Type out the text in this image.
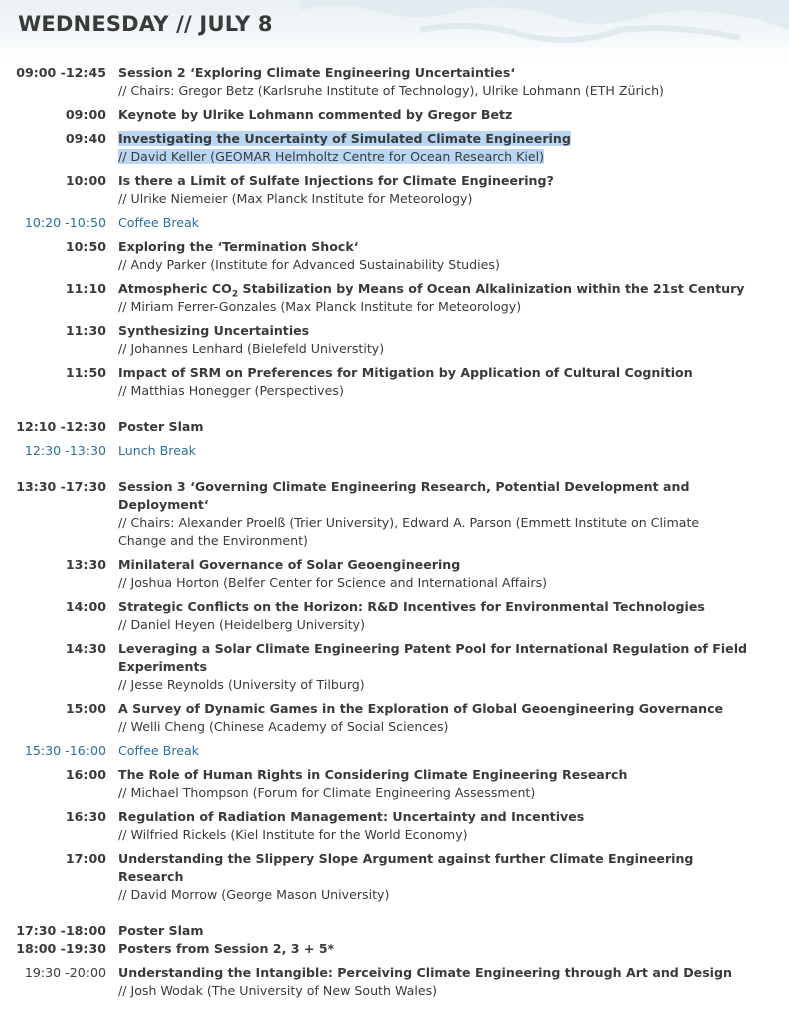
WEDNESDAY // JULY 8
09:00 -12:45 Session 2 ‘Exploring Climate Engineering Uncertainties‘
// Chairs: Gregor Betz (Karlsruhe Institute of Technology), Ulrike Lohmann (ETH Zürich)
09:00 Keynote by Ulrike Lohmann commented by Gregor Betz
09:40 Investigating the Uncertainty of Simulated Climate Engineering
// David Keller (GEOMAR Helmholtz Centre for Ocean Research Kiel)
10:00 Is there a Limit of Sulfate Injections for Climate Engineering?
// Ulrike Niemeier (Max Planck Institute for Meteorology)
10:20 -10:50 Coffee Break
10:50 Exploring the ‘Termination Shock‘
// Andy Parker (Institute for Advanced Sustainability Studies)
11:10 Atmospheric $CO_2$ Stabilization by Means of Ocean Alkalinization within the 21st Century
// Miriam Ferrer-Gonzales (Max Planck Institute for Meteorology)
11:30 Synthesizing Uncertainties
// Johannes Lenhard (Bielefeld Universtity)
11:50 Impact of SRM on Preferences for Mitigation by Application of Cultural Cognition
// Matthias Honegger (Perspectives)
12:10 -12:30 Poster Slam
12:30 -13:30 Lunch Break
13:30 -17:30 Session 3 ‘Governing Climate Engineering Research, Potential Development and Deployment‘
// Chairs: Alexander Proelß (Trier University), Edward A. Parson (Emmett Institute on Climate Change and the Environment)
13:30 Minilateral Governance of Solar Geoengineering
// Joshua Horton (Belfer Center for Science and International Affairs)
14:00 Strategic Conflicts on the Horizon: R&D Incentives for Environmental Technologies
// Daniel Heyen (Heidelberg University)
14:30 Leveraging a Solar Climate Engineering Patent Pool for International Regulation of Field Experiments
// Jesse Reynolds (University of Tilburg)
15:00 A Survey of Dynamic Games in the Exploration of Global Geoengineering Governance
// Welli Cheng (Chinese Academy of Social Sciences)
15:30 -16:00 Coffee Break
16:00 The Role of Human Rights in Considering Climate Engineering Research
// Michael Thompson (Forum for Climate Engineering Assessment)
16:30 Regulation of Radiation Management: Uncertainty and Incentives
// Wilfried Rickels (Kiel Institute for the World Economy)
17:00 Understanding the Slippery Slope Argument against further Climate Engineering Research
// David Morrow (George Mason University)
17:30 -18:00 Poster Slam
18:00 -19:30 Posters from Session 2, 3 + 5*
19:30 -20:00 Understanding the Intangible: Perceiving Climate Engineering through Art and Design
// Josh Wodak (The University of New South Wales)
